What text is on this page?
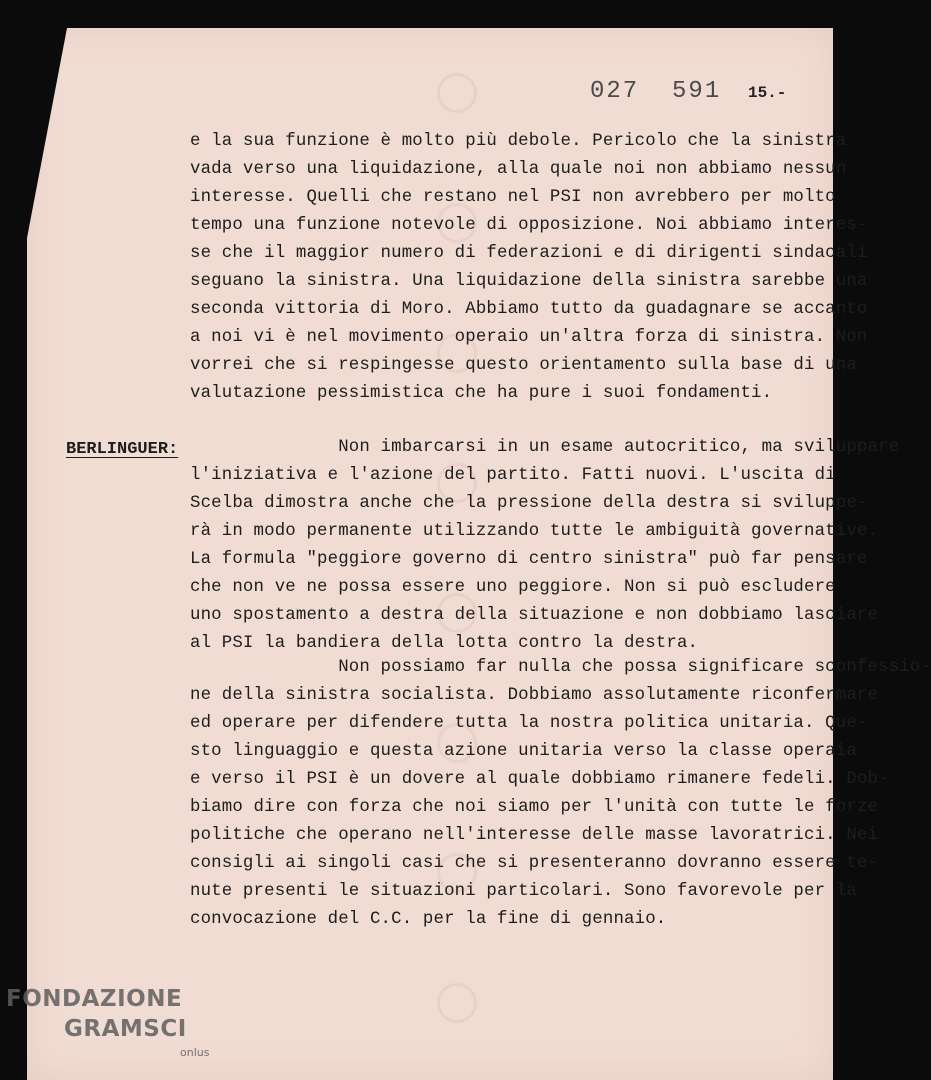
027  591 15.-
BERLINGUER:
e la sua funzione è molto più debole. Pericolo che la sinistra
vada verso una liquidazione, alla quale noi non abbiamo nessun
interesse. Quelli che restano nel PSI non avrebbero per molto
tempo una funzione notevole di opposizione. Noi abbiamo interes-
se che il maggior numero di federazioni e di dirigenti sindacali
seguano la sinistra. Una liquidazione della sinistra sarebbe una
seconda vittoria di Moro. Abbiamo tutto da guadagnare se accanto
a noi vi è nel movimento operaio un'altra forza di sinistra. Non
vorrei che si respingesse questo orientamento sulla base di una
valutazione pessimistica che ha pure i suoi fondamenti.
Non imbarcarsi in un esame autocritico, ma sviluppare
l'iniziativa e l'azione del partito. Fatti nuovi. L'uscita di
Scelba dimostra anche che la pressione della destra si sviluppe-
rà in modo permanente utilizzando tutte le ambiguità governative.
La formula "peggiore governo di centro sinistra" può far pensare
che non ve ne possa essere uno peggiore. Non si può escludere
uno spostamento a destra della situazione e non dobbiamo lasciare
al PSI la bandiera della lotta contro la destra.
Non possiamo far nulla che possa significare sconfessio-
ne della sinistra socialista. Dobbiamo assolutamente riconfermare
ed operare per difendere tutta la nostra politica unitaria. Que-
sto linguaggio e questa azione unitaria verso la classe operaia
e verso il PSI è un dovere al quale dobbiamo rimanere fedeli. Dob-
biamo dire con forza che noi siamo per l'unità con tutte le forze
politiche che operano nell'interesse delle masse lavoratrici. Nei
consigli ai singoli casi che si presenteranno dovranno essere te-
nute presenti le situazioni particolari. Sono favorevole per la
convocazione del C.C. per la fine di gennaio.
FONDAZIONE
GRAMSCI
onlus
